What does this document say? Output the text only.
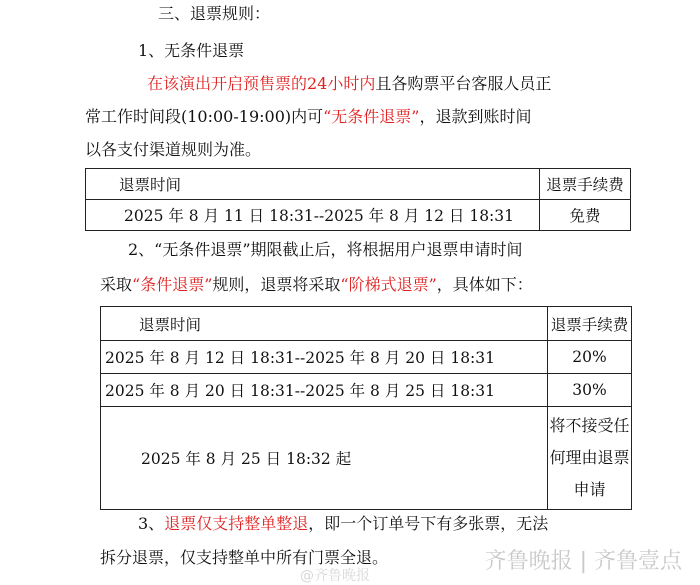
三、退票规则：
1、无条件退票
在该演出开启预售票的24小时内且各购票平台客服人员正
常工作时间段(10:00-19:00)内可“无条件退票”，退款到账时间
以各支付渠道规则为准。
退票时间	退票手续费
2025 年 8 月 11 日 18:31--2025 年 8 月 12 日 18:31	免费
2、“无条件退票”期限截止后，将根据用户退票申请时间
采取“条件退票”规则，退票将采取“阶梯式退票”，具体如下：
退票时间	退票手续费
2025 年 8 月 12 日 18:31--2025 年 8 月 20 日 18:31	20%
2025 年 8 月 20 日 18:31--2025 年 8 月 25 日 18:31	30%
2025 年 8 月 25 日 18:32 起	将不接受任
何理由退票
申请
3、退票仅支持整单整退，即一个订单号下有多张票，无法
拆分退票，仅支持整单中所有门票全退。	齐鲁晚报 | 齐鲁壹点
@齐鲁晚报
